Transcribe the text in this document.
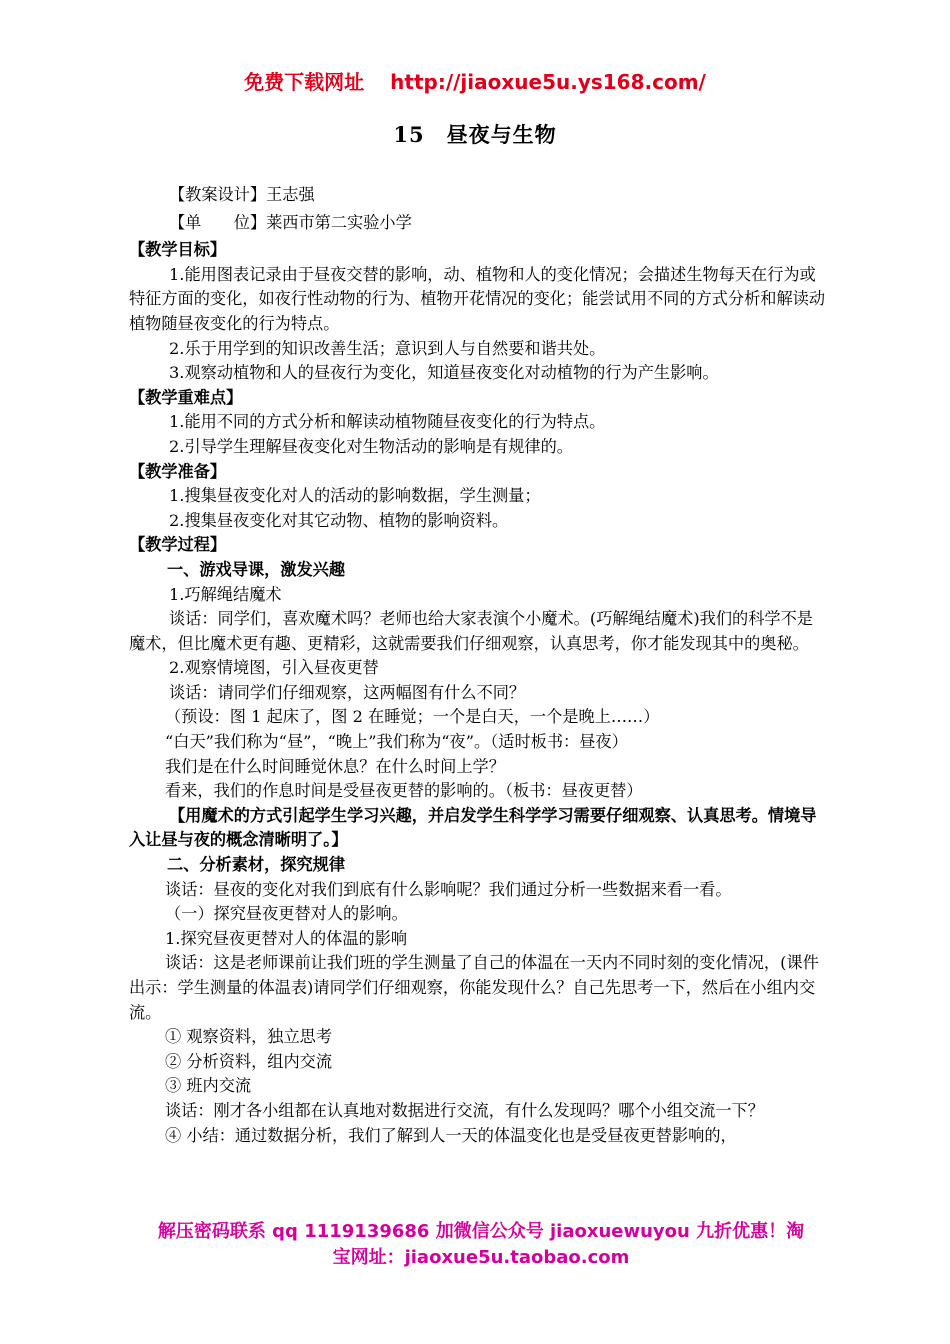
免费下载网址 http://jiaoxue5u.ys168.com/
15 昼夜与生物

【教案设计】王志强

【单　　位】莱西市第二实验小学

【教学目标】

1.能用图表记录由于昼夜交替的影响，动、植物和人的变化情况；会描述生物每天在行为或特征方面的变化，如夜行性动物的行为、植物开花情况的变化；能尝试用不同的方式分析和解读动植物随昼夜变化的行为特点。

2.乐于用学到的知识改善生活；意识到人与自然要和谐共处。

3.观察动植物和人的昼夜行为变化，知道昼夜变化对动植物的行为产生影响。

【教学重难点】

1.能用不同的方式分析和解读动植物随昼夜变化的行为特点。

2.引导学生理解昼夜变化对生物活动的影响是有规律的。

【教学准备】

1.搜集昼夜变化对人的活动的影响数据，学生测量；

2.搜集昼夜变化对其它动物、植物的影响资料。

【教学过程】

一、游戏导课，激发兴趣

1.巧解绳结魔术

谈话：同学们，喜欢魔术吗？老师也给大家表演个小魔术。(巧解绳结魔术)我们的科学不是魔术，但比魔术更有趣、更精彩，这就需要我们仔细观察，认真思考，你才能发现其中的奥秘。

2.观察情境图，引入昼夜更替

谈话：请同学们仔细观察，这两幅图有什么不同？

（预设：图 1 起床了，图 2 在睡觉；一个是白天，一个是晚上……）

“白天”我们称为“昼”，“晚上”我们称为“夜”。（适时板书：昼夜）

我们是在什么时间睡觉休息？在什么时间上学？

看来，我们的作息时间是受昼夜更替的影响的。（板书：昼夜更替）

【用魔术的方式引起学生学习兴趣，并启发学生科学学习需要仔细观察、认真思考。情境导入让昼与夜的概念清晰明了。】

二、分析素材，探究规律

谈话：昼夜的变化对我们到底有什么影响呢？我们通过分析一些数据来看一看。

（一）探究昼夜更替对人的影响。

1.探究昼夜更替对人的体温的影响

谈话：这是老师课前让我们班的学生测量了自己的体温在一天内不同时刻的变化情况，(课件出示：学生测量的体温表)请同学们仔细观察，你能发现什么？自己先思考一下，然后在小组内交流。

① 观察资料，独立思考

② 分析资料，组内交流

③ 班内交流

谈话：刚才各小组都在认真地对数据进行交流，有什么发现吗？哪个小组交流一下？

④ 小结：通过数据分析，我们了解到人一天的体温变化也是受昼夜更替影响的，

解压密码联系 qq 1119139686 加微信公众号 jiaoxuewuyou 九折优惠！淘
宝网址：jiaoxue5u.taobao.com
